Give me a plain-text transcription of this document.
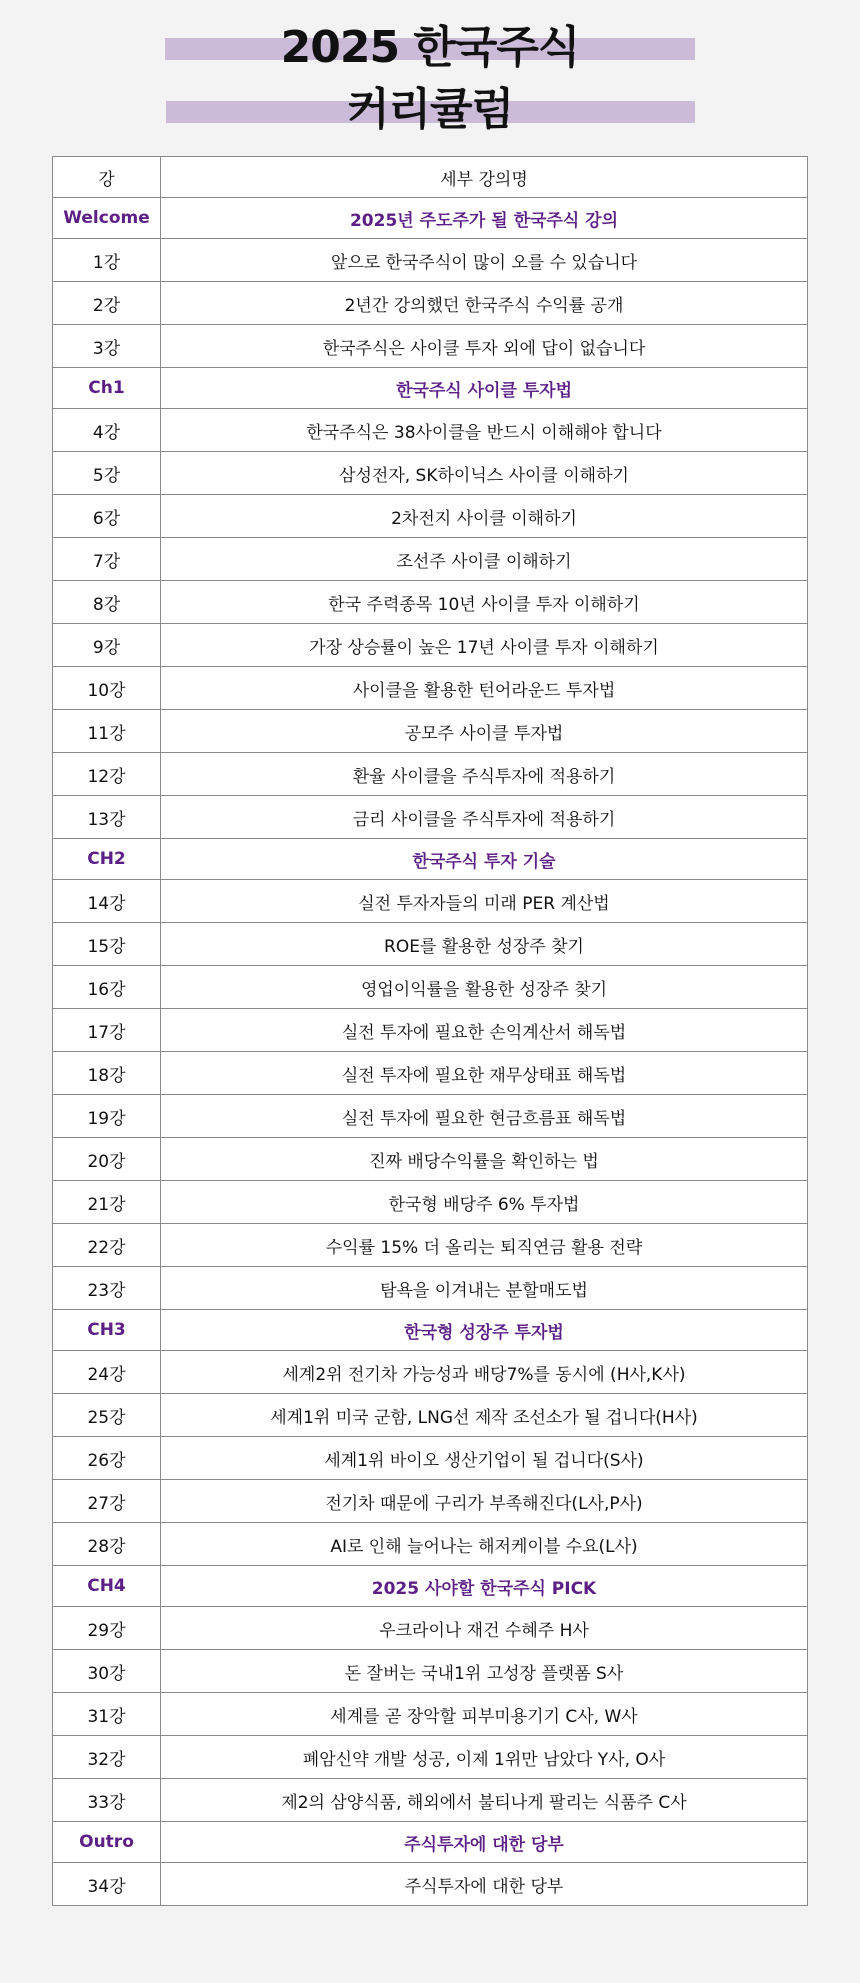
2025 한국주식
커리큘럼
강	세부 강의명
Welcome	2025년 주도주가 될 한국주식 강의
1강	앞으로 한국주식이 많이 오를 수 있습니다
2강	2년간 강의했던 한국주식 수익률 공개
3강	한국주식은 사이클 투자 외에 답이 없습니다
Ch1	한국주식 사이클 투자법
4강	한국주식은 38사이클을 반드시 이해해야 합니다
5강	삼성전자, SK하이닉스 사이클 이해하기
6강	2차전지 사이클 이해하기
7강	조선주 사이클 이해하기
8강	한국 주력종목 10년 사이클 투자 이해하기
9강	가장 상승률이 높은 17년 사이클 투자 이해하기
10강	사이클을 활용한 턴어라운드 투자법
11강	공모주 사이클 투자법
12강	환율 사이클을 주식투자에 적용하기
13강	금리 사이클을 주식투자에 적용하기
CH2	한국주식 투자 기술
14강	실전 투자자들의 미래 PER 계산법
15강	ROE를 활용한 성장주 찾기
16강	영업이익률을 활용한 성장주 찾기
17강	실전 투자에 필요한 손익계산서 해독법
18강	실전 투자에 필요한 재무상태표 해독법
19강	실전 투자에 필요한 현금흐름표 해독법
20강	진짜 배당수익률을 확인하는 법
21강	한국형 배당주 6% 투자법
22강	수익률 15% 더 올리는 퇴직연금 활용 전략
23강	탐욕을 이겨내는 분할매도법
CH3	한국형 성장주 투자법
24강	세계2위 전기차 가능성과 배당7%를 동시에 (H사,K사)
25강	세계1위 미국 군함, LNG선 제작 조선소가 될 겁니다(H사)
26강	세계1위 바이오 생산기업이 될 겁니다(S사)
27강	전기차 때문에 구리가 부족해진다(L사,P사)
28강	AI로 인해 늘어나는 해저케이블 수요(L사)
CH4	2025 사야할 한국주식 PICK
29강	우크라이나 재건 수혜주 H사
30강	돈 잘버는 국내1위 고성장 플랫폼 S사
31강	세계를 곧 장악할 피부미용기기 C사, W사
32강	폐암신약 개발 성공, 이제 1위만 남았다 Y사, O사
33강	제2의 삼양식품, 해외에서 불티나게 팔리는 식품주 C사
Outro	주식투자에 대한 당부
34강	주식투자에 대한 당부
